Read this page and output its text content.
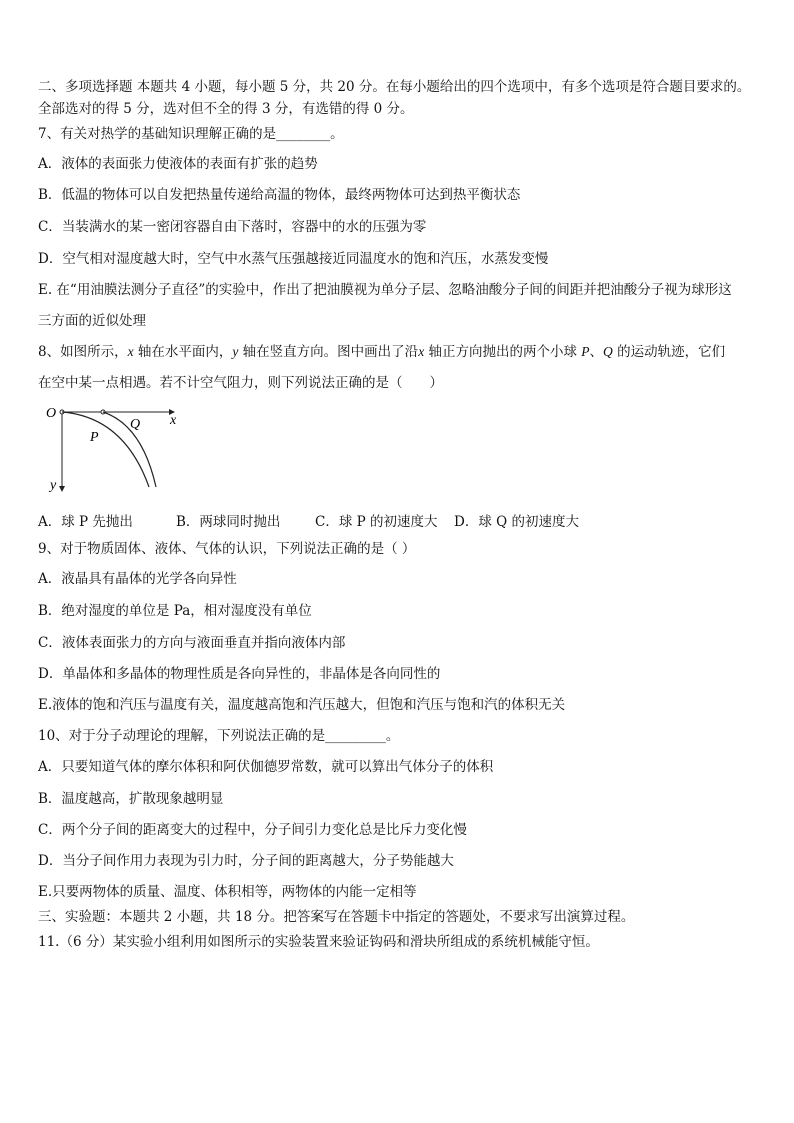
二、多项选择题 本题共 4 小题，每小题 5 分，共 20 分。在每小题给出的四个选项中，有多个选项是符合题目要求的。
全部选对的得 5 分，选对但不全的得 3 分，有选错的得 0 分。
7、有关对热学的基础知识理解正确的是________。
A．液体的表面张力使液体的表面有扩张的趋势
B．低温的物体可以自发把热量传递给高温的物体，最终两物体可达到热平衡状态
C．当装满水的某一密闭容器自由下落时，容器中的水的压强为零
D．空气相对湿度越大时，空气中水蒸气压强越接近同温度水的饱和汽压，水蒸发变慢
E. 在“用油膜法测分子直径”的实验中，作出了把油膜视为单分子层、忽略油酸分子间的间距并把油酸分子视为球形这
三方面的近似处理
8、如图所示，x 轴在水平面内，y 轴在竖直方向。图中画出了沿x 轴正方向抛出的两个小球 P、Q 的运动轨迹，它们
在空中某一点相遇。若不计空气阻力，则下列说法正确的是（　　）
O
P
Q x
y
A．球 P 先抛出	B．两球同时抛出	C．球 P 的初速度大 D．球 Q 的初速度大
9、对于物质固体、液体、气体的认识，下列说法正确的是（ ）
A．液晶具有晶体的光学各向异性
B．绝对湿度的单位是 Pa，相对湿度没有单位
C．液体表面张力的方向与液面垂直并指向液体内部
D．单晶体和多晶体的物理性质是各向异性的，非晶体是各向同性的
E.液体的饱和汽压与温度有关，温度越高饱和汽压越大，但饱和汽压与饱和汽的体积无关
10、对于分子动理论的理解，下列说法正确的是_________。
A．只要知道气体的摩尔体积和阿伏伽德罗常数，就可以算出气体分子的体积
B．温度越高，扩散现象越明显
C．两个分子间的距离变大的过程中，分子间引力变化总是比斥力变化慢
D．当分子间作用力表现为引力时，分子间的距离越大，分子势能越大
E.只要两物体的质量、温度、体积相等，两物体的内能一定相等
三、实验题：本题共 2 小题，共 18 分。把答案写在答题卡中指定的答题处，不要求写出演算过程。
11.（6 分）某实验小组利用如图所示的实验装置来验证钩码和滑块所组成的系统机械能守恒。
